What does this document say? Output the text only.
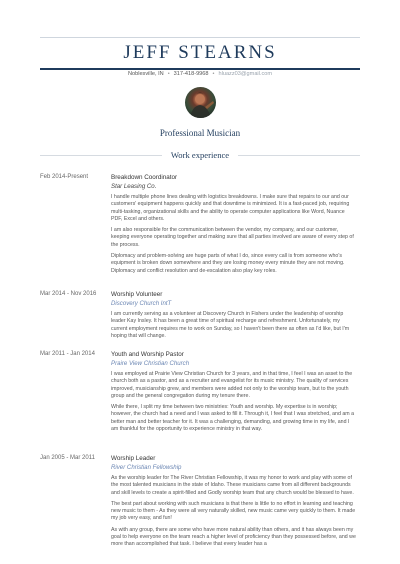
JEFF STEARNS
Noblesville, IN • 317-418-9968 • hluazz03@gmail.com
Professional Musician
Work experience
Feb 2014-Present	Breakdown Coordinator
Star Leasing Co.

I handle multiple phone lines dealing with logistics breakdowns. I make sure that repairs to our and our customers' equipment happens quickly and that downtime is minimized. It is a fast-paced job, requiring multi-tasking, organizational skills and the ability to operate computer applications like Word, Nuance PDF, Excel and others.

I am also responsible for the communication between the vendor, my company, and our customer, keeping everyone operating together and making sure that all parties involved are aware of every step of the process.

Diplomacy and problem-solving are huge parts of what I do, since every call is from someone who's equipment is broken down somewhere and they are losing money every minute they are not moving. Diplomacy and conflict resolution and de-escalation also play key roles.

Mar 2014 - Nov 2016 Worship Volunteer
Discovery Church IntT

I am currently serving as a volunteer at Discovery Church in Fishers under the leadership of worship leader Kay Insley. It has been a great time of spiritual recharge and refreshment. Unfortunately, my current employment requires me to work on Sunday, so I haven't been there as often as I'd like, but I'm hoping that will change.

Mar 2011 - Jan 2014	Youth and Worship Pastor
Praire View Christian Church

I was employed at Prairie View Christian Church for 3 years, and in that time, I feel I was an asset to the church both as a pastor, and as a recruiter and evangelist for its music ministry. The quality of services improved, musicianship grew, and members were added not only to the worship team, but to the youth group and the general congregation during my tenure there.

While there, I split my time between two ministries: Youth and worship. My expertise is in worship; however, the church had a need and I was asked to fill it. Through it, I feel that I was stretched, and am a better man and better teacher for it. It was a challenging, demanding, and growing time in my life, and I am thankful for the opportunity to experience ministry in that way.

Jan 2005 - Mar 2011	Worship Leader
River Christian Fellowship

As the worship leader for The River Christian Fellowship, it was my honor to work and play with some of the most talented musicians in the state of Idaho. These musicians came from all different backgrounds and skill levels to create a spirit-filled and Godly worship team that any church would be blessed to have.

The best part about working with such musicians is that there is little to no effort in learning and teaching new music to them - As they were all very naturally skilled, new music came very quickly to them. It made my job very easy, and fun!

As with any group, there are some who have more natural ability than others, and it has always been my goal to help everyone on the team reach a higher level of proficiency than they possessed before, and we more than accomplished that task. I believe that every leader has a
